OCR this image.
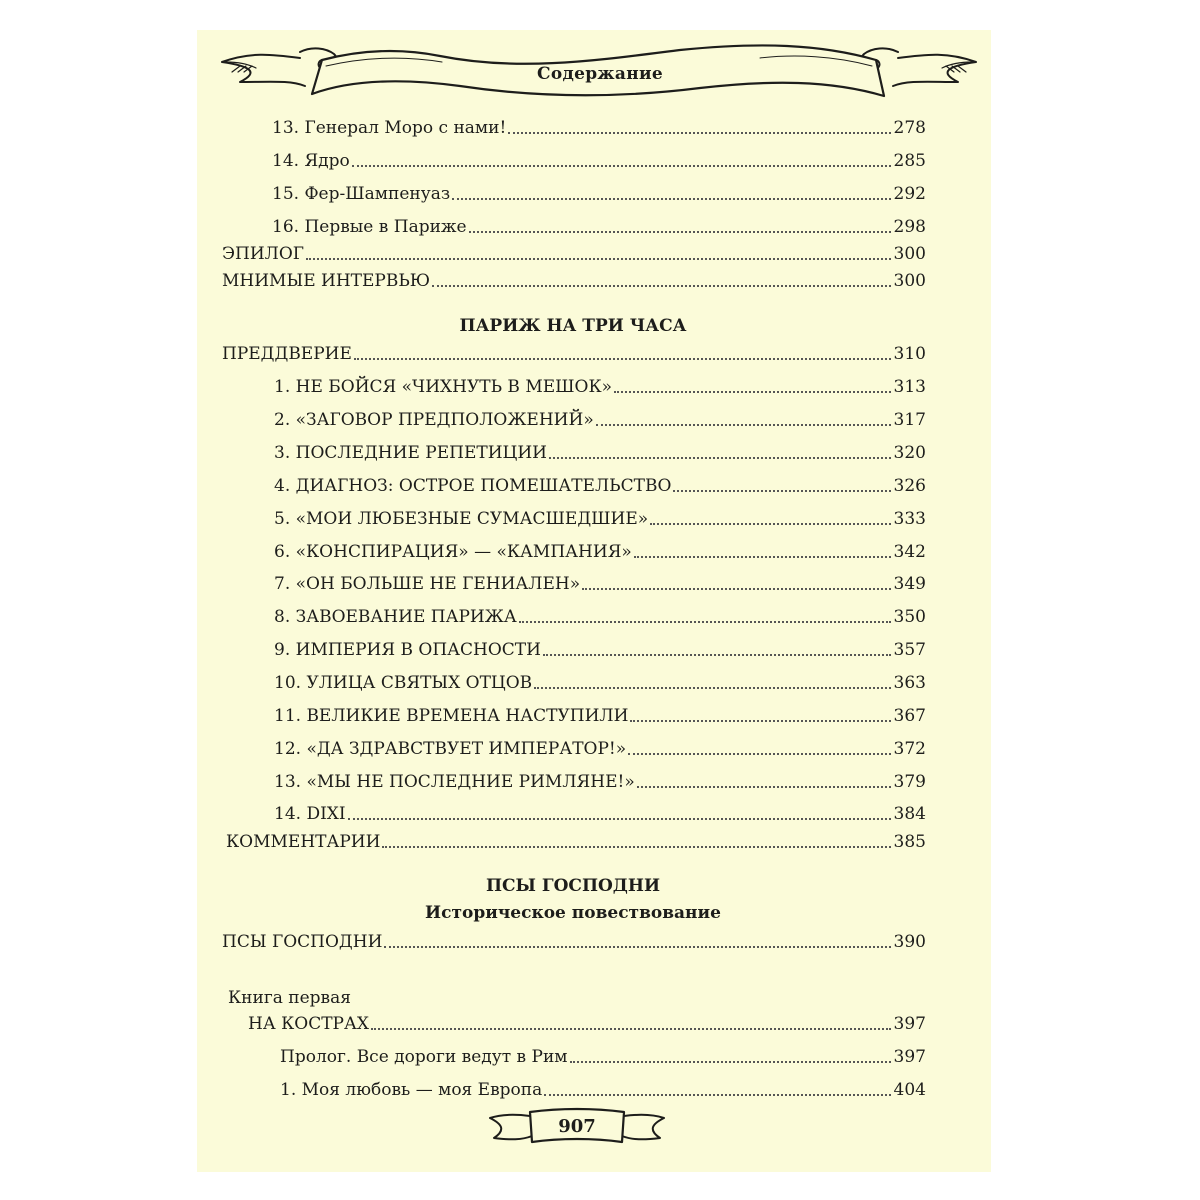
Содержание
13. Генерал Моро с нами!	278
14. Ядро	285
15. Фер-Шампенуаз	292
16. Первые в Париже	298
ЭПИЛОГ	300
МНИМЫЕ ИНТЕРВЬЮ	300
ПАРИЖ НА ТРИ ЧАСА
ПРЕДДВЕРИЕ	310
1. НЕ БОЙСЯ «ЧИХНУТЬ В МЕШОК»	313
2. «ЗАГОВОР ПРЕДПОЛОЖЕНИЙ»	317
3. ПОСЛЕДНИЕ РЕПЕТИЦИИ	320
4. ДИАГНОЗ: ОСТРОЕ ПОМЕШАТЕЛЬСТВО	326
5. «МОИ ЛЮБЕЗНЫЕ СУМАСШЕДШИЕ»	333
6. «КОНСПИРАЦИЯ» — «КАМПАНИЯ»	342
7. «ОН БОЛЬШЕ НЕ ГЕНИАЛЕН»	349
8. ЗАВОЕВАНИЕ ПАРИЖА	350
9. ИМПЕРИЯ В ОПАСНОСТИ	357
10. УЛИЦА СВЯТЫХ ОТЦОВ	363
11. ВЕЛИКИЕ ВРЕМЕНА НАСТУПИЛИ	367
12. «ДА ЗДРАВСТВУЕТ ИМПЕРАТОР!»	372
13. «МЫ НЕ ПОСЛЕДНИЕ РИМЛЯНЕ!»	379
14. DIXI	384
КОММЕНТАРИИ	385
ПСЫ ГОСПОДНИ
Историческое повествование
ПСЫ ГОСПОДНИ	390
Книга первая
НА КОСТРАХ	397
Пролог. Все дороги ведут в Рим	397
1. Моя любовь — моя Европа	404
907
